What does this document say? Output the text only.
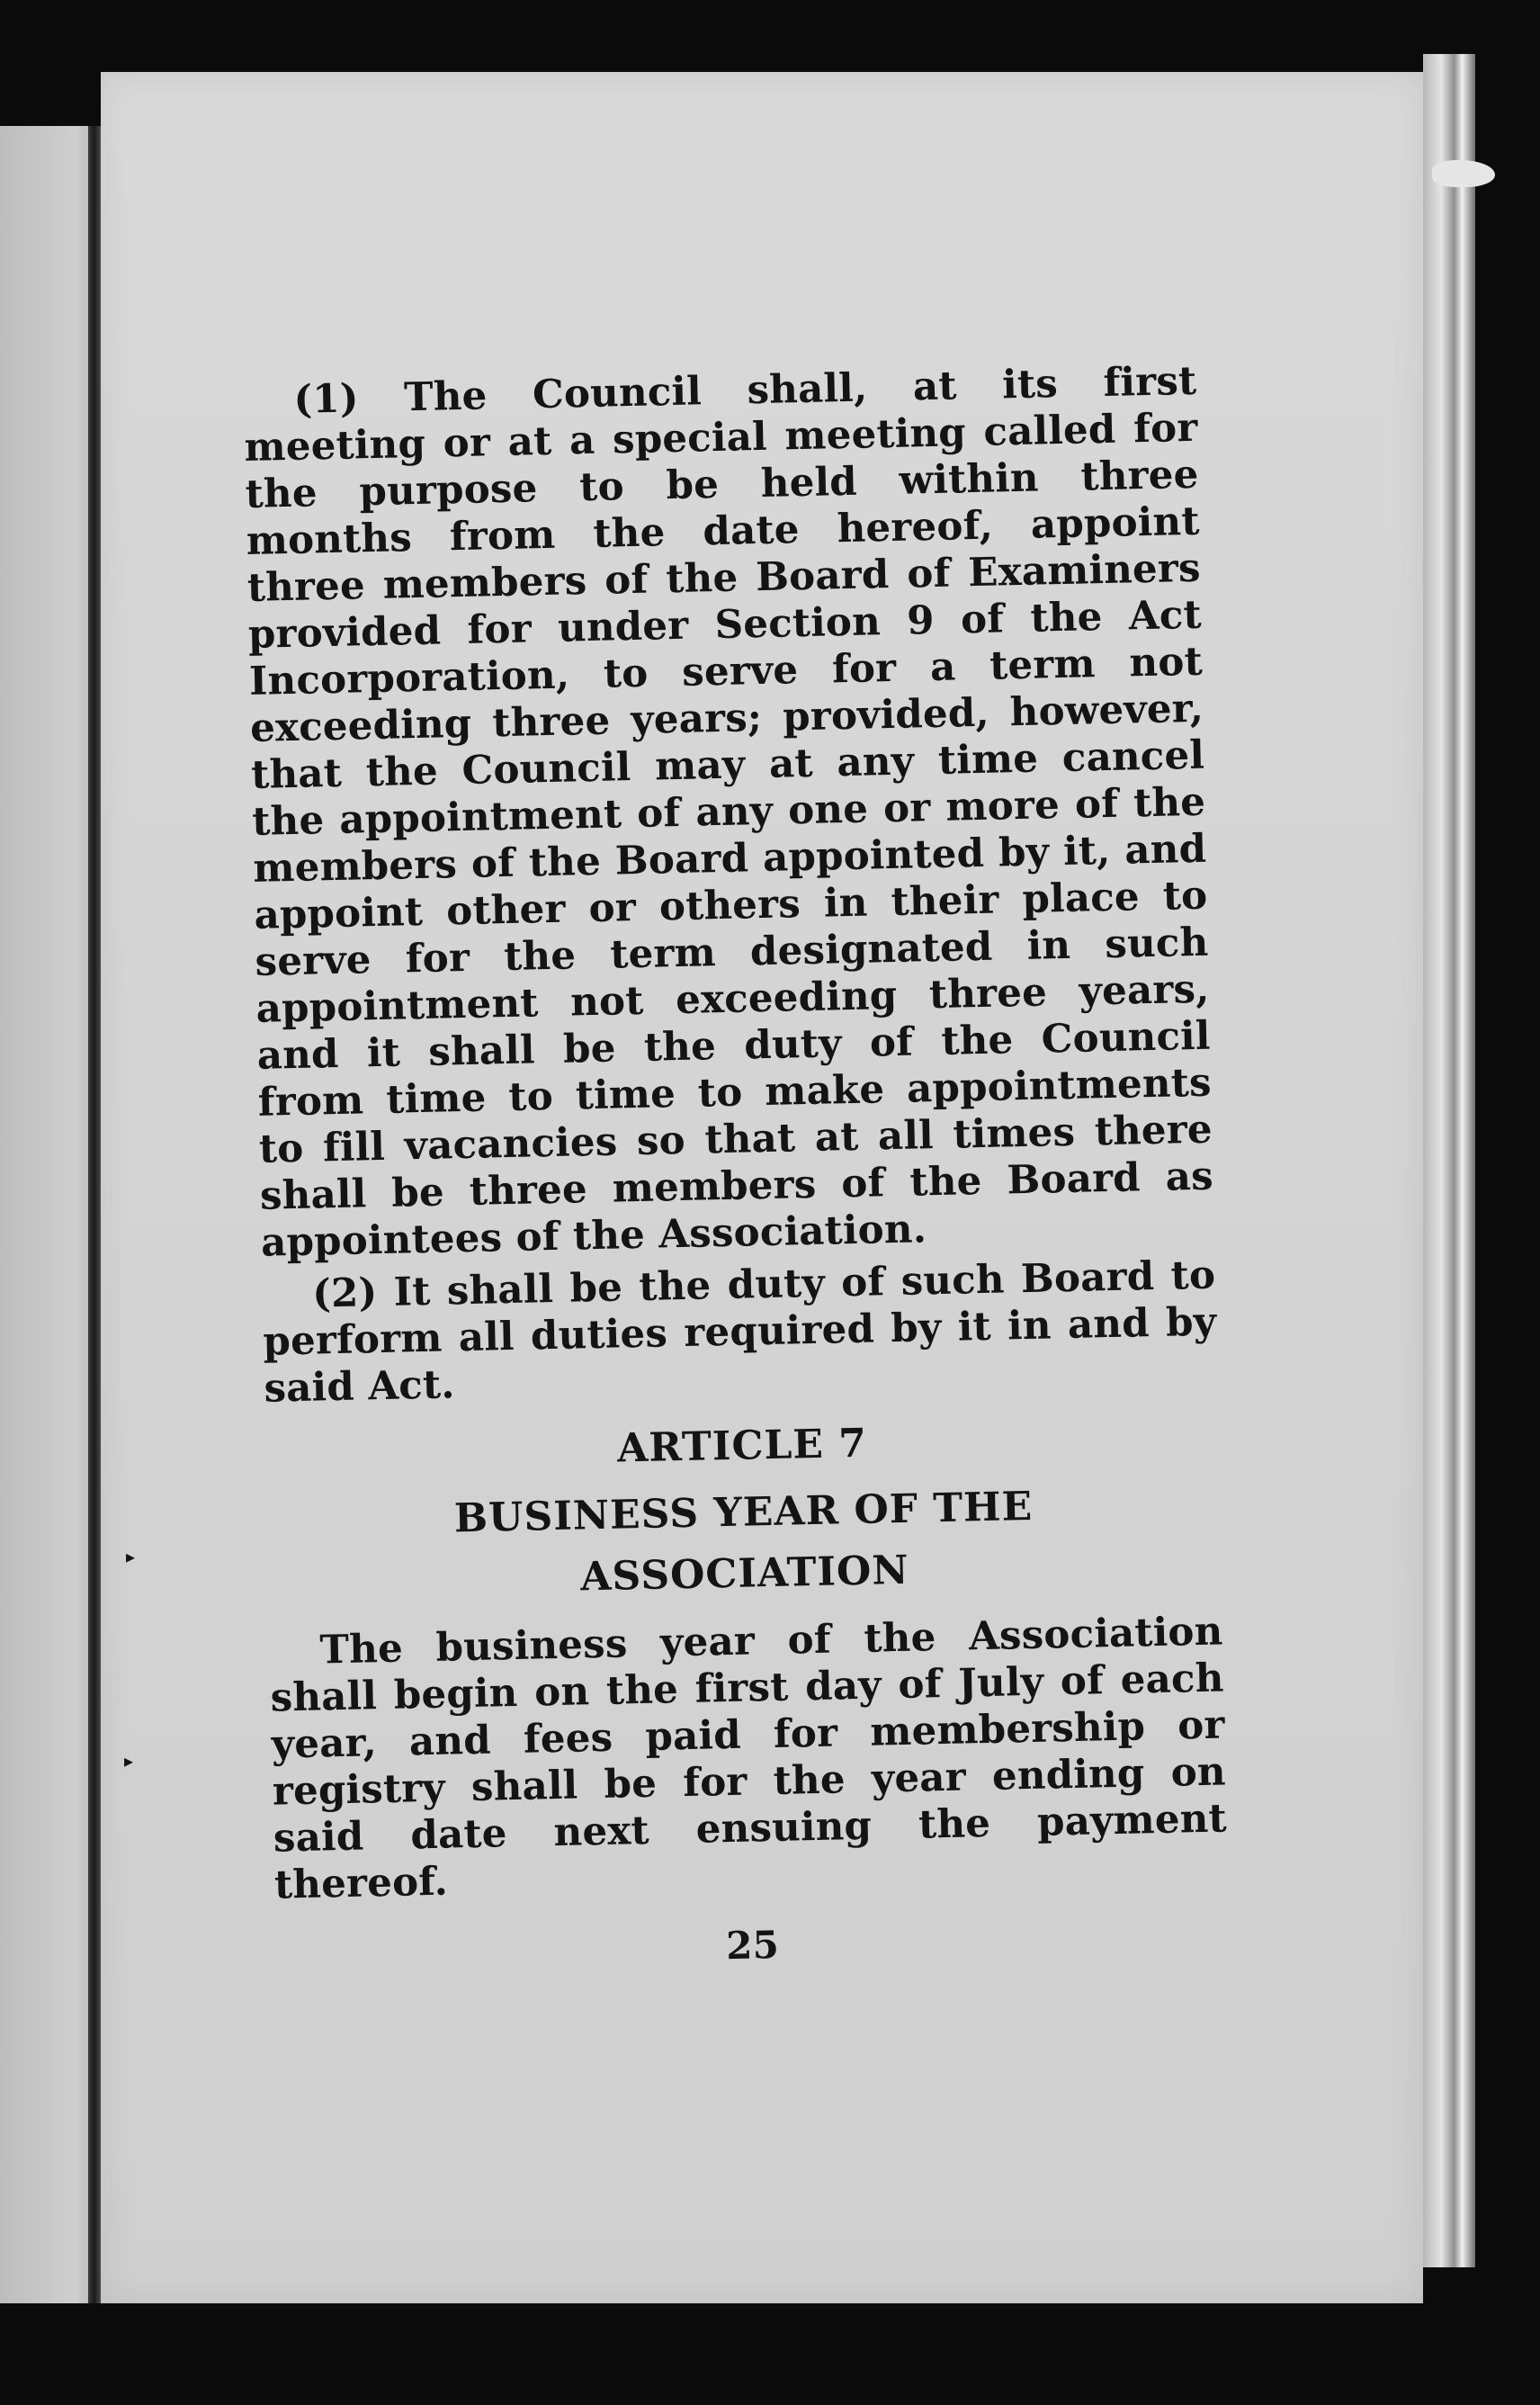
▸
▸

(1) The Council shall, at its first meeting or at a special meeting called for the purpose to be held within three months from the date hereof, appoint three members of the Board of Examiners provided for under Section 9 of the Act Incorporation, to serve for a term not exceeding three years; provided, however, that the Council may at any time cancel the appointment of any one or more of the members of the Board appointed by it, and appoint other or others in their place to serve for the term designated in such appointment not exceeding three years, and it shall be the duty of the Council from time to time to make appointments to fill vacancies so that at all times there shall be three members of the Board as appointees of the Association.

(2) It shall be the duty of such Board to perform all duties required by it in and by said Act.

ARTICLE 7

BUSINESS YEAR OF THE

ASSOCIATION

The business year of the Association shall begin on the first day of July of each year, and fees paid for membership or registry shall be for the year ending on said date next ensuing the payment thereof.

25
